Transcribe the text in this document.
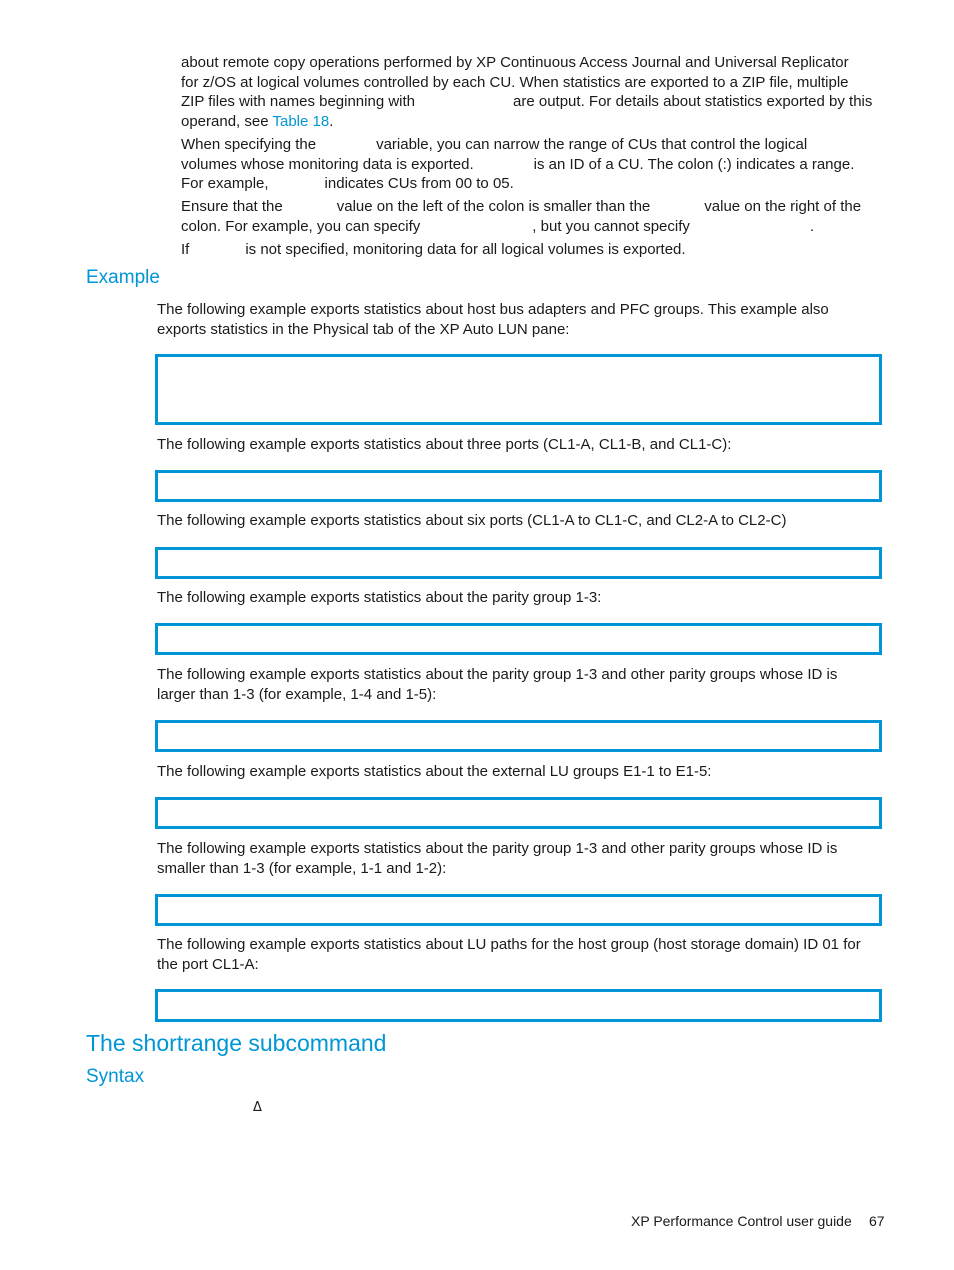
about remote copy operations performed by XP Continuous Access Journal and Universal Replicator
for z/OS at logical volumes controlled by each CU. When statistics are exported to a ZIP file, multiple
ZIP files with names beginning with	are output. For details about statistics exported by this
operand, see Table 18.
When specifying the	variable, you can narrow the range of CUs that control the logical
volumes whose monitoring data is exported.	is an ID of a CU. The colon (:) indicates a range.
For example,	indicates CUs from 00 to 05.
Ensure that the	value on the left of the colon is smaller than the	value on the right of the
colon. For example, you can specify	, but you cannot specify	.
If	is not specified, monitoring data for all logical volumes is exported.
Example
The following example exports statistics about host bus adapters and PFC groups. This example also
exports statistics in the Physical tab of the XP Auto LUN pane:
The following example exports statistics about three ports (CL1-A, CL1-B, and CL1-C):
The following example exports statistics about six ports (CL1-A to CL1-C, and CL2-A to CL2-C)
The following example exports statistics about the parity group 1-3:
The following example exports statistics about the parity group 1-3 and other parity groups whose ID is
larger than 1-3 (for example, 1-4 and 1-5):
The following example exports statistics about the external LU groups E1-1 to E1-5:
The following example exports statistics about the parity group 1-3 and other parity groups whose ID is
smaller than 1-3 (for example, 1-1 and 1-2):
The following example exports statistics about LU paths for the host group (host storage domain) ID 01 for
the port CL1-A:
The shortrange subcommand
Syntax
Δ
XP Performance Control user guide 67
